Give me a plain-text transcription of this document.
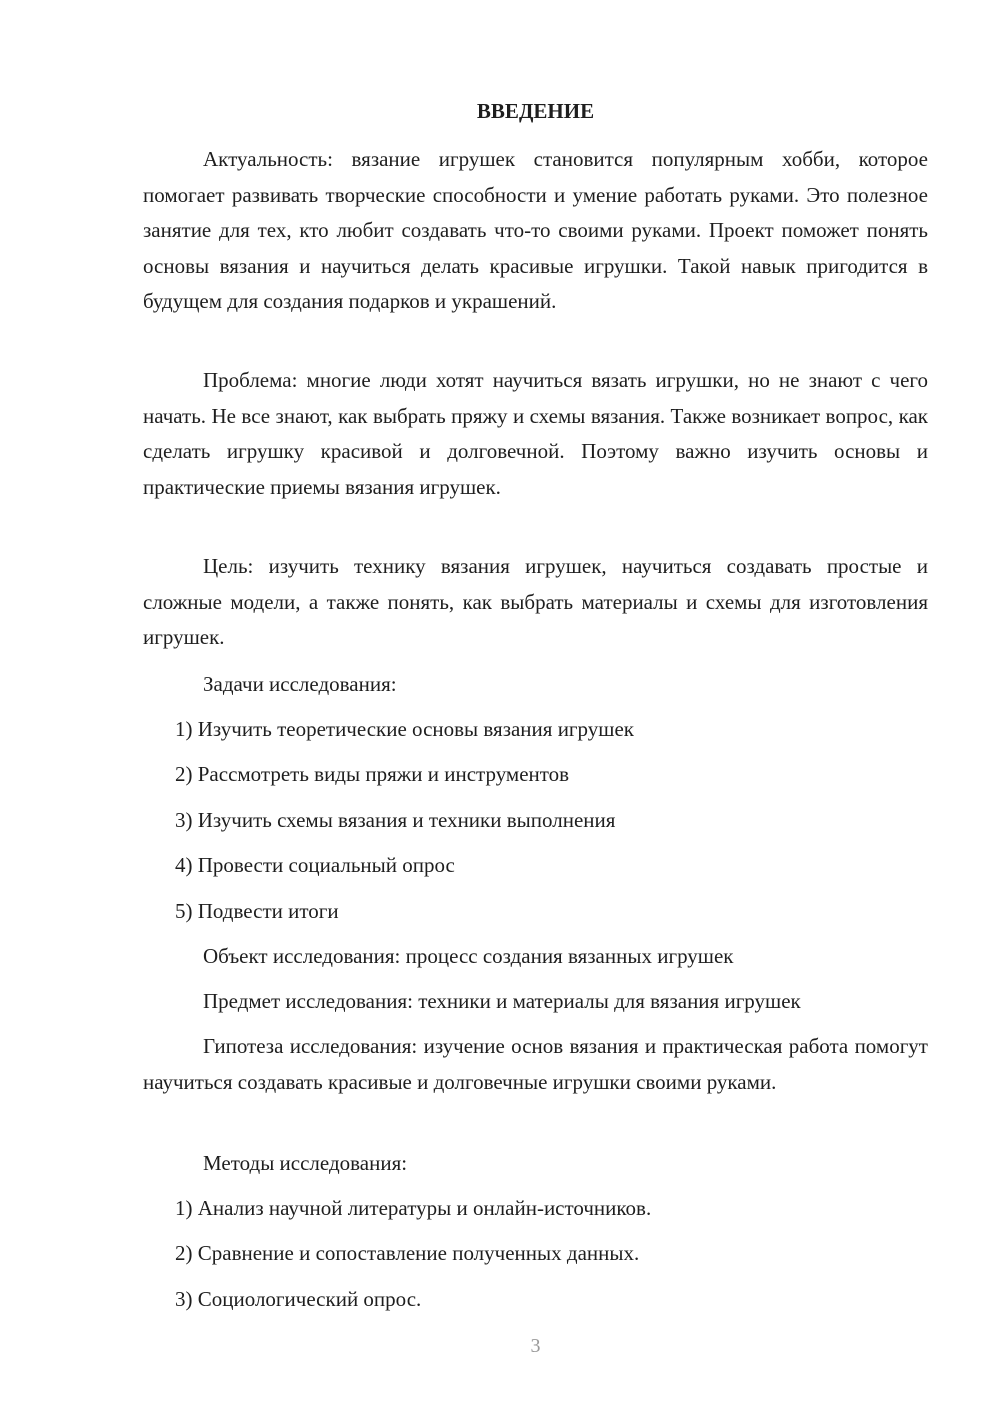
ВВЕДЕНИЕ

Актуальность: вязание игрушек становится популярным хобби, которое помогает развивать творческие способности и умение работать руками. Это полезное занятие для тех, кто любит создавать что-то своими руками. Проект поможет понять основы вязания и научиться делать красивые игрушки. Такой навык пригодится в будущем для создания подарков и украшений.

Проблема: многие люди хотят научиться вязать игрушки, но не знают с чего начать. Не все знают, как выбрать пряжу и схемы вязания. Также возникает вопрос, как сделать игрушку красивой и долговечной. Поэтому важно изучить основы и практические приемы вязания игрушек.

Цель: изучить технику вязания игрушек, научиться создавать простые и сложные модели, а также понять, как выбрать материалы и схемы для изготовления игрушек.

Задачи исследования:

1) Изучить теоретические основы вязания игрушек

2) Рассмотреть виды пряжи и инструментов

3) Изучить схемы вязания и техники выполнения

4) Провести социальный опрос

5) Подвести итоги

Объект исследования: процесс создания вязанных игрушек

Предмет исследования: техники и материалы для вязания игрушек

Гипотеза исследования: изучение основ вязания и практическая работа помогут научиться создавать красивые и долговечные игрушки своими руками.

Методы исследования:

1) Анализ научной литературы и онлайн-источников.

2) Сравнение и сопоставление полученных данных.

3) Социологический опрос.

3
